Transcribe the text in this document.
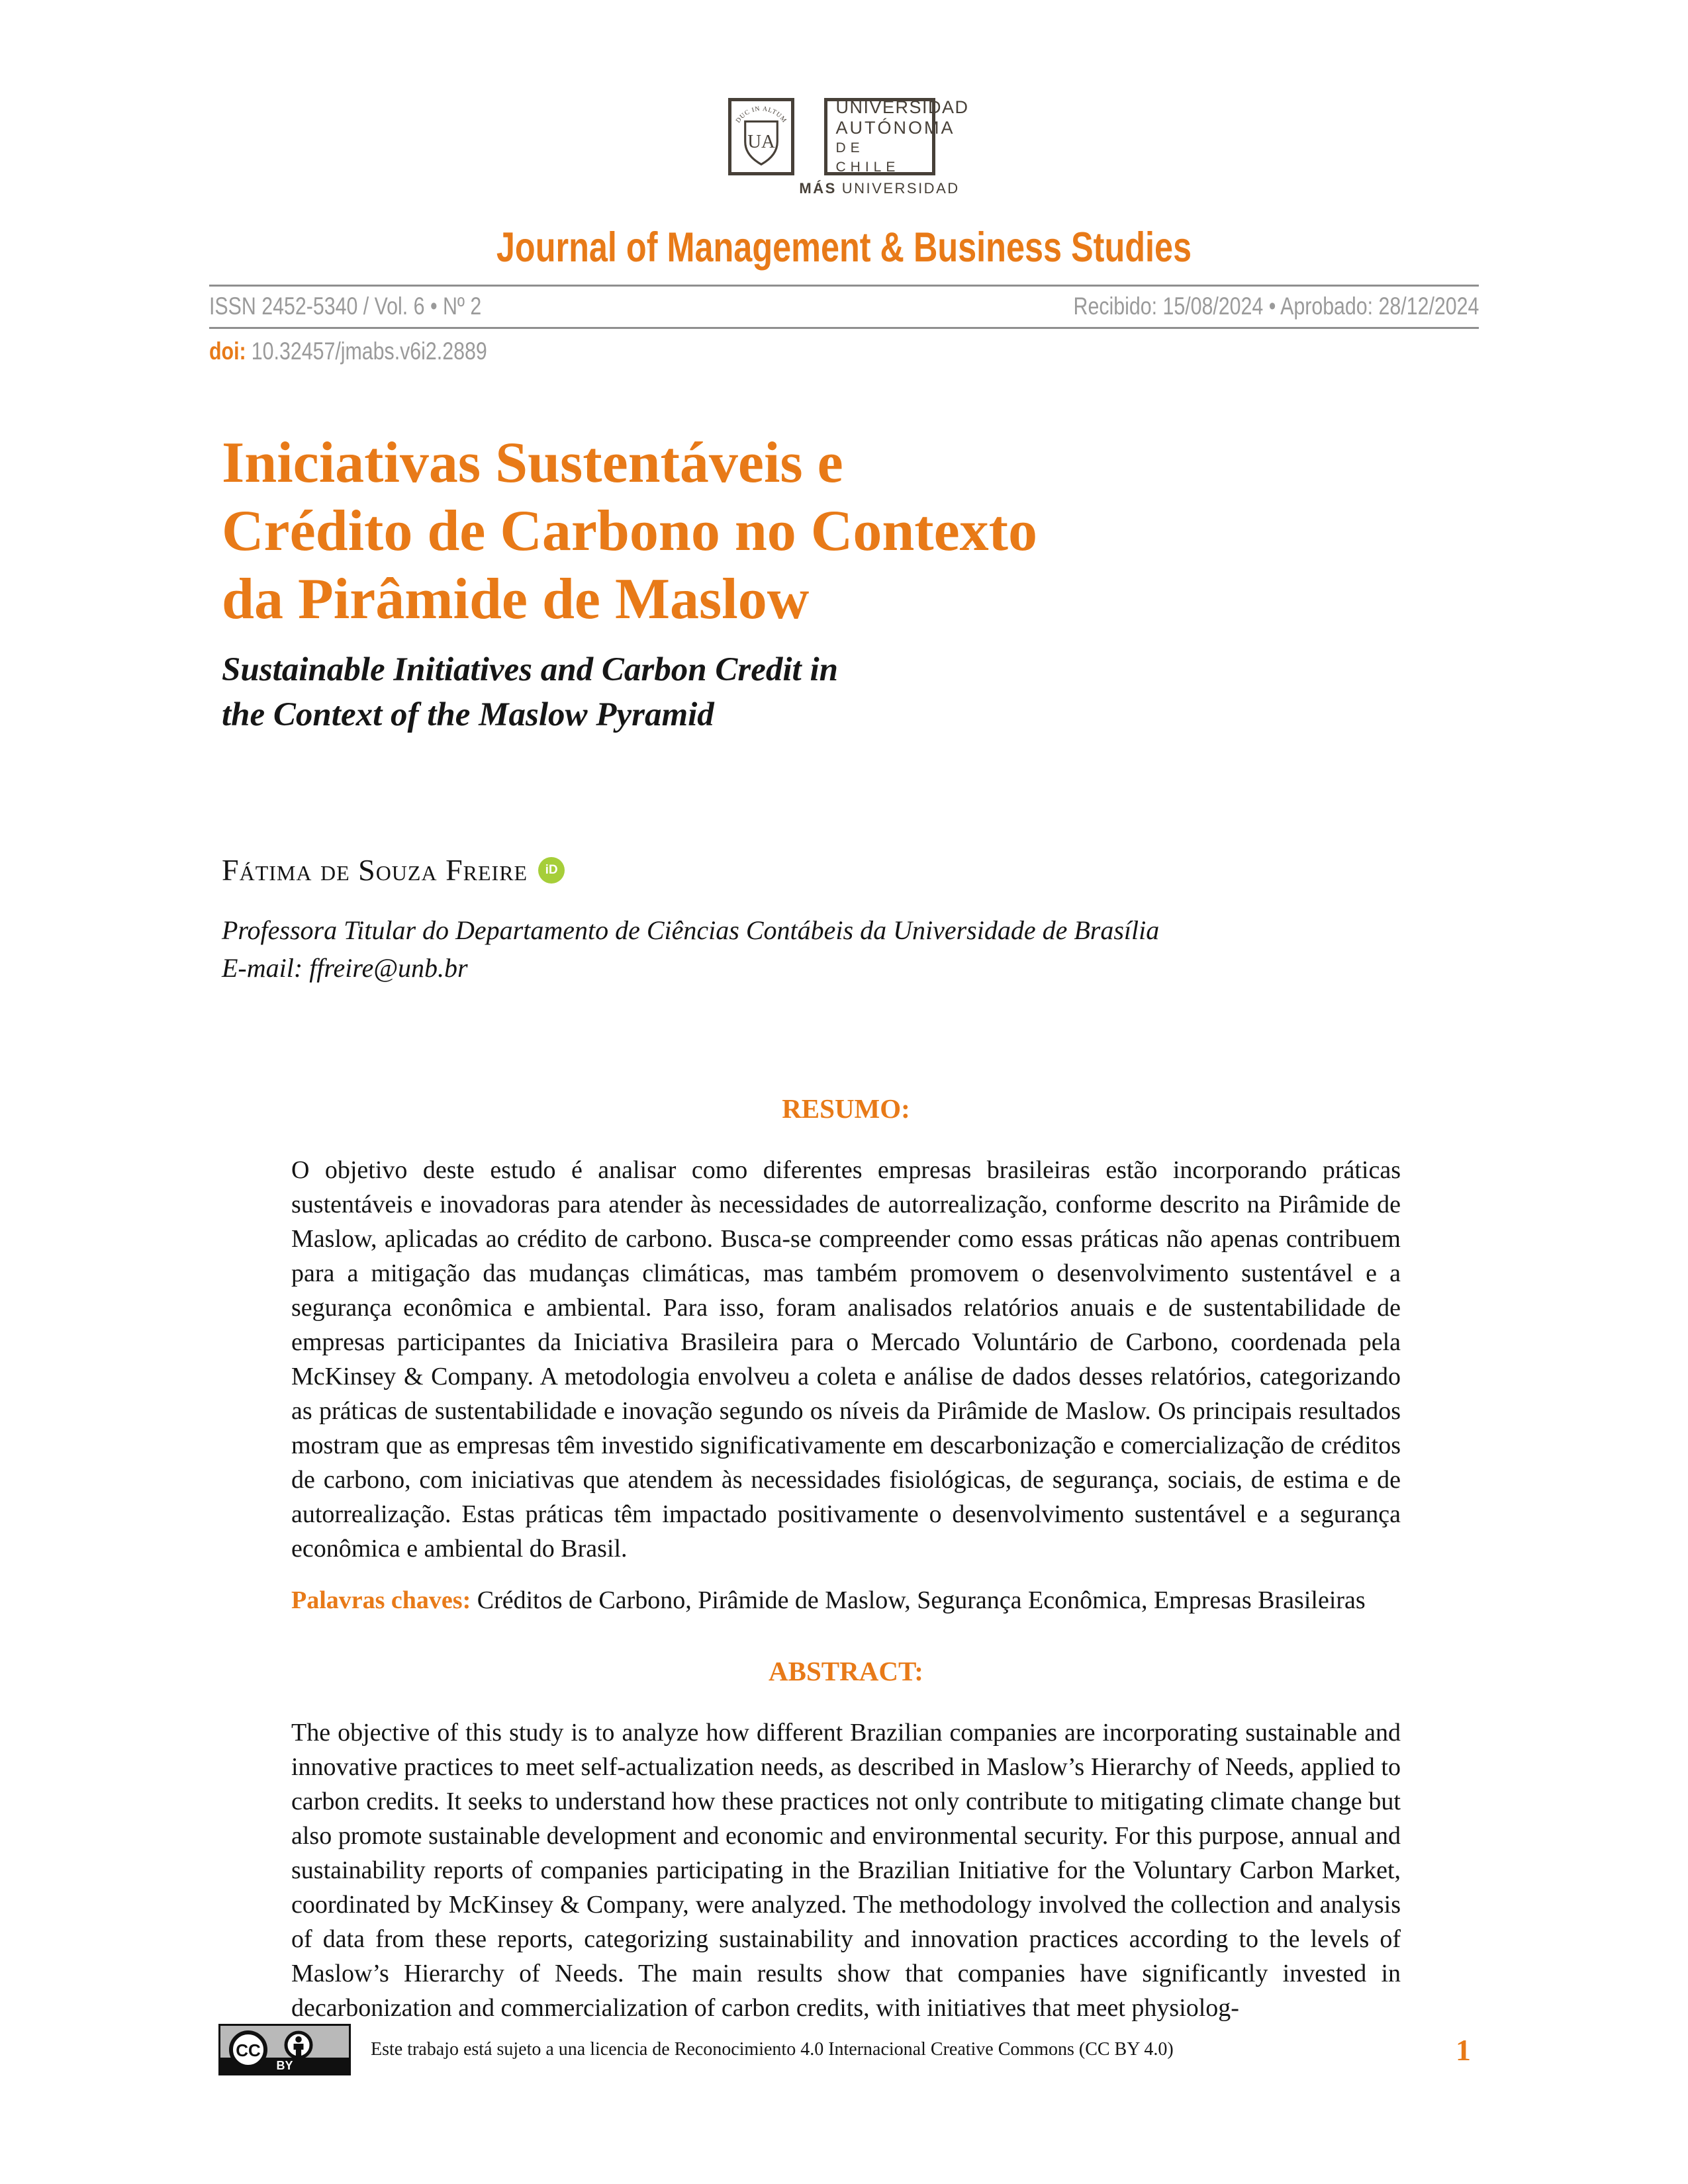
DUC IN ALTUM
UA
UNIVERSIDAD
AUTÓNOMA
DE CHILE
MÁS UNIVERSIDAD
Journal of Management & Business Studies
ISSN 2452-5340 / Vol. 6 • Nº 2	Recibido: 15/08/2024 • Aprobado: 28/12/2024
doi: 10.32457/jmabs.v6i2.2889
Iniciativas Sustentáveis e
Crédito de Carbono no Contexto
da Pirâmide de Maslow
Sustainable Initiatives and Carbon Credit in
the Context of the Maslow Pyramid
Fátima de Souza Freire iD
Professora Titular do Departamento de Ciências Contábeis da Universidade de Brasília
E-mail: ffreire@unb.br
RESUMO:
O objetivo deste estudo é analisar como diferentes empresas brasileiras estão incorporando práticas sustentáveis e inovadoras para atender às necessidades de autorrealização, conforme descrito na Pirâmide de Maslow, aplicadas ao crédito de carbono. Busca-se compreender como essas práticas não apenas contribuem para a mitigação das mudanças climáticas, mas também promovem o desenvolvimento sustentável e a segurança econômica e ambiental. Para isso, foram analisados relatórios anuais e de sustentabilidade de empresas participantes da Iniciativa Brasileira para o Mercado Voluntário de Carbono, coordenada pela McKinsey & Company. A metodologia envolveu a coleta e análise de dados desses relatórios, categorizando as práticas de sustentabilidade e inovação segundo os níveis da Pirâmide de Maslow. Os principais resultados mostram que as empresas têm investido significativamente em descarbonização e comercialização de créditos de carbono, com iniciativas que atendem às necessidades fisiológicas, de segurança, sociais, de estima e de autorrealização. Estas práticas têm impactado positivamente o desenvolvimento sustentável e a segurança econômica e ambiental do Brasil.
Palavras chaves: Créditos de Carbono, Pirâmide de Maslow, Segurança Econômica, Empresas Brasileiras
ABSTRACT:
The objective of this study is to analyze how different Brazilian companies are incorporating sustainable and innovative practices to meet self-actualization needs, as described in Maslow’s Hierarchy of Needs, applied to carbon credits. It seeks to understand how these practices not only contribute to mitigating climate change but also promote sustainable development and economic and environmental security. For this purpose, annual and sustainability reports of companies participating in the Brazilian Initiative for the Voluntary Carbon Market, coordinated by McKinsey & Company, were analyzed. The methodology involved the collection and analysis of data from these reports, categorizing sustainability and innovation practices according to the levels of Maslow’s Hierarchy of Needs. The main results show that companies have significantly invested in decarbonization and commercialization of carbon credits, with initiatives that meet physiolog-
CC
BY
Este trabajo está sujeto a una licencia de Reconocimiento 4.0 Internacional Creative Commons (CC BY 4.0)	1
